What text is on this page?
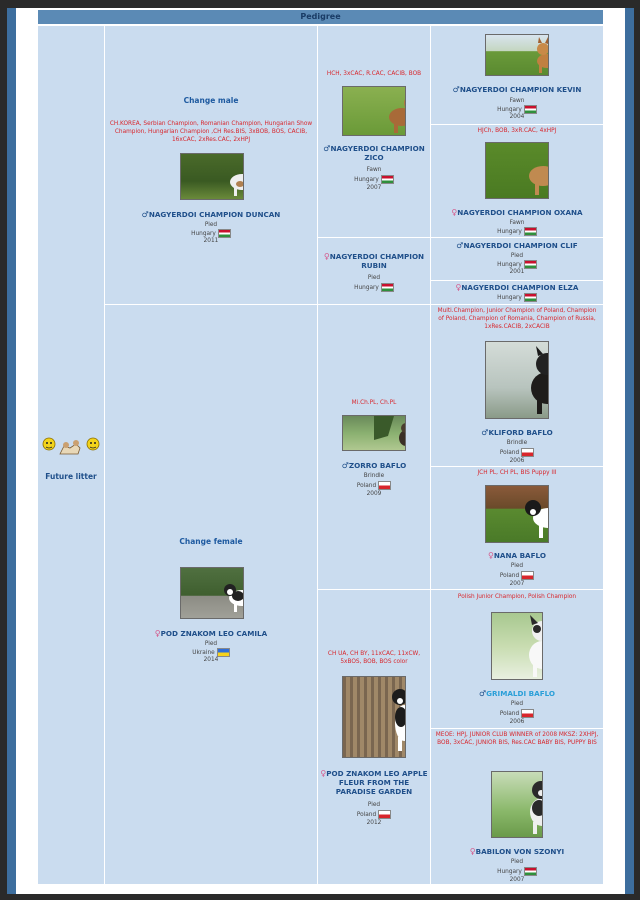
Pedigree
Future litter
Change male
CH.KOREA, Serbian Champion, Romanian Champion, Hungarian Show Champion, Hungarian Champion ,CH Res.BIS, 3xBOB, BOS, CACIB, 16xCAC, 2xRes.CAC, 2xHPJ
♂NAGYERDOI CHAMPION DUNCAN
Pied
Hungary
2011
Change female
♀POD ZNAKOM LEO CAMILA
Pied
Ukraine
2014
HCH, 3xCAC, R.CAC, CACIB, BOB
♂NAGYERDOI CHAMPION ZICO
Fawn
Hungary
2007
♀NAGYERDOI CHAMPION RUBIN
Pied
Hungary
Mi.Ch.PL, Ch.PL
♂ZORRO BAFLO
Brindle
Poland
2009
CH UA, CH BY, 11xCAC, 11xCW, 5xBOS, BOB, BOS color
♀POD ZNAKOM LEO APPLE FLEUR FROM THE PARADISE GARDEN
Pied
Poland
2012
♂NAGYERDOI CHAMPION KEVIN
Fawn
Hungary
2004
HJCh, BOB, 3xR.CAC, 4xHPJ
♀NAGYERDOI CHAMPION OXANA
Fawn
Hungary
♂NAGYERDOI CHAMPION CLIF
Pied
Hungary
2001
♀NAGYERDOI CHAMPION ELZA
Hungary
Multi.Champion, Junior Champion of Poland, Champion of Poland, Champion of Romania, Champion of Russia, 1xRes.CACIB, 2xCACIB
♂KLIFORD BAFLO
Brindle
Poland
2006
JCH PL, CH PL, BIS Puppy III
♀NANA BAFLO
Pied
Poland
2007
Polish Junior Champion, Polish Champion
♂GRIMALDI BAFLO
Pied
Poland
2006
MEOE: HPJ, JUNIOR CLUB WINNER of 2008 MKSZ: 2XHPJ, BOB, 3xCAC, JUNIOR BIS, Res.CAC BABY BIS, PUPPY BIS
♀BABILON VON SZONYI
Pied
Hungary
2007
